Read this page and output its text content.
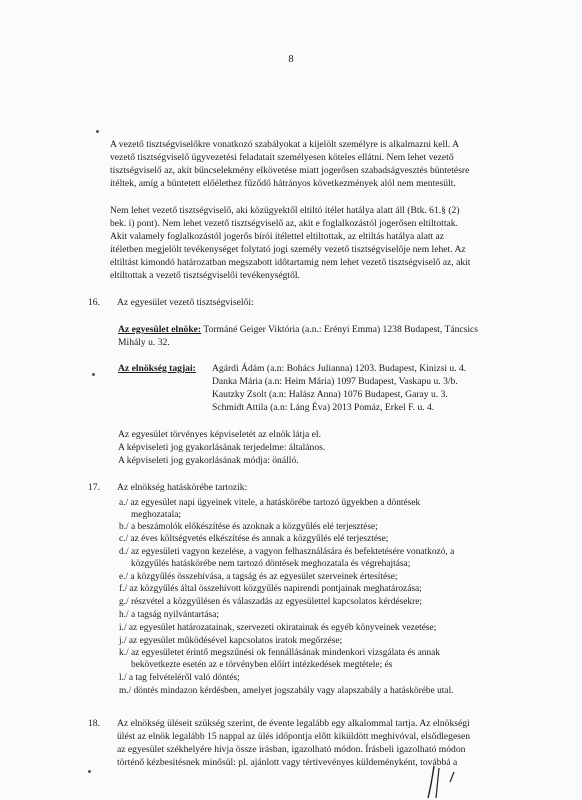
8
A vezető tisztségviselőkre vonatkozó szabályokat a kijelölt személyre is alkalmazni kell. A
vezető tisztségviselő ügyvezetési feladatait személyesen köteles ellátni. Nem lehet vezető
tisztségviselő az, akit bűncselekmény elkövetése miatt jogerősen szabadságvesztés büntetésre
ítéltek, amíg a büntetett előélethez fűződő hátrányos következmények alól nem mentesült.
Nem lehet vezető tisztségviselő, aki közügyektől eltiltó ítélet hatálya alatt áll (Btk. 61.§ (2)
bek. i) pont). Nem lehet vezető tisztségviselő az, akit e foglalkozástól jogerősen eltiltottak.
Akit valamely foglalkozástól jogerős bírói ítélettel eltiltottak, az eltiltás hatálya alatt az
ítéletben megjelölt tevékenységet folytató jogi személy vezető tisztségviselője nem lehet. Az
eltiltást kimondó határozatban megszabott időtartamig nem lehet vezető tisztségviselő az, akit
eltiltottak a vezető tisztségviselői tevékenységtől.
16. Az egyesület vezető tisztségviselői:
Az egyesület elnöke: Tormáné Geiger Viktória (a.n.: Erényi Emma) 1238 Budapest, Táncsics
Mihály u. 32.
Az elnökség tagjai:	Agárdi Ádám (a.n: Bohács Julianna) 1203. Budapest, Kinizsi u. 4.
Danka Mária (a.n: Heim Mária) 1097 Budapest, Vaskapu u. 3/b.
Kautzky Zsolt (a.n: Halász Anna) 1076 Budapest, Garay u. 3.
Schmidt Attila (a.n: Láng Éva) 2013 Pomáz, Erkel F. u. 4.
Az egyesület törvényes képviseletét az elnök látja el.
A képviseleti jog gyakorlásának terjedelme: általános.
A képviseleti jog gyakorlásának módja: önálló.
17. Az elnökség hatáskörébe tartozik:
a./ az egyesület napi ügyeinek vitele, a hatáskörébe tartozó ügyekben a döntések
meghozatala;
b./ a beszámolók előkészítése és azoknak a közgyűlés elé terjesztése;
c./ az éves költségvetés elkészítése és annak a közgyűlés elé terjesztése;
d./ az egyesületi vagyon kezelése, a vagyon felhasználására és befektetésére vonatkozó, a
közgyűlés hatáskörébe nem tartozó döntések meghozatala és végrehajtása;
e./ a közgyűlés összehívása, a tagság és az egyesület szerveinek értesítése;
f./ az közgyűlés által összehívott közgyűlés napirendi pontjainak meghatározása;
g./ részvétel a közgyűlésen és válaszadás az egyesülettel kapcsolatos kérdésekre;
h./ a tagság nyilvántartása;
i./ az egyesület határozatainak, szervezeti okiratainak és egyéb könyveinek vezetése;
j./ az egyesület működésével kapcsolatos iratok megőrzése;
k./ az egyesületet érintő megszűnési ok fennállásának mindenkori vizsgálata és annak
bekövetkezte esetén az e törvényben előírt intézkedések megtétele; és
l./ a tag felvételéről való döntés;
m./ döntés mindazon kérdésben, amelyet jogszabály vagy alapszabály a hatáskörébe utal.
18. Az elnökség üléseit szükség szerint, de évente legalább egy alkalommal tartja. Az elnökségi
ülést az elnök legalább 15 nappal az ülés időpontja előtt kiküldött meghívóval, elsődlegesen
az egyesület székhelyére hívja össze írásban, igazolható módon. Írásbeli igazolható módon
történő kézbesítésnek minősül: pl. ajánlott vagy tértivevényes küldeményként, továbbá a
